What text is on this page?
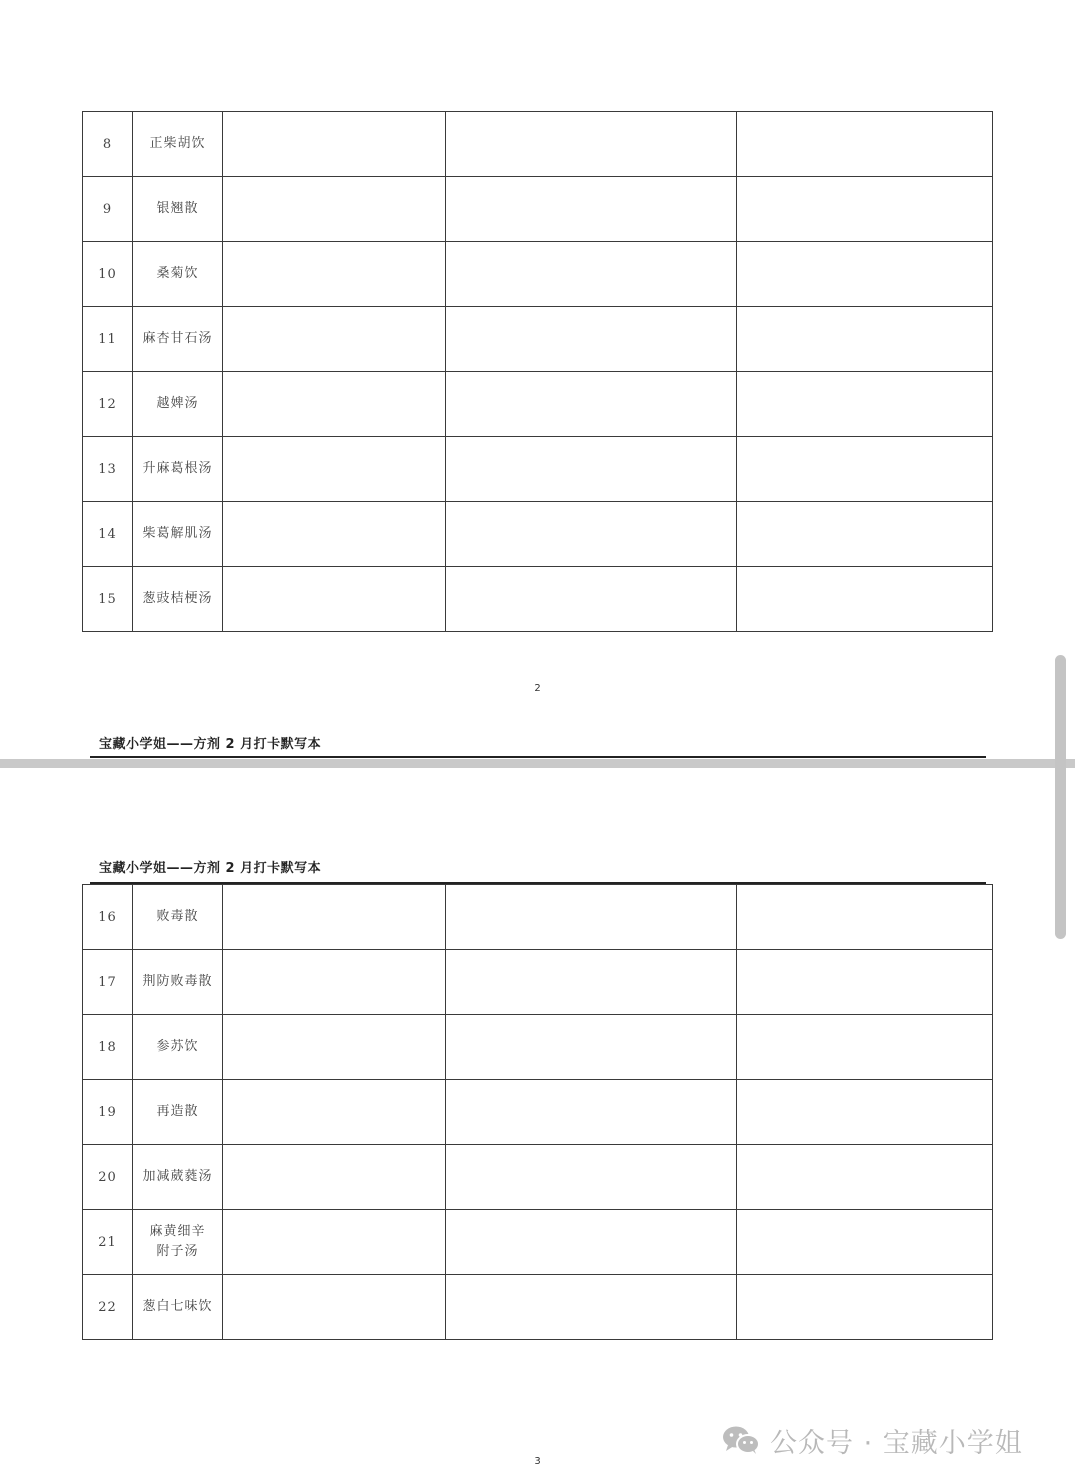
8	正柴胡饮			
9	银翘散			
10	桑菊饮			
11	麻杏甘石汤			
12	越婢汤			
13	升麻葛根汤			
14	柴葛解肌汤			
15	葱豉桔梗汤			
2
宝藏小学姐——方剂 2 月打卡默写本
宝藏小学姐——方剂 2 月打卡默写本
16	败毒散			
17	荆防败毒散			
18	参苏饮			
19	再造散			
20	加减葳蕤汤			
21	麻黄细辛
附子汤			
22	葱白七味饮			
3
公众号 · 宝藏小学姐
